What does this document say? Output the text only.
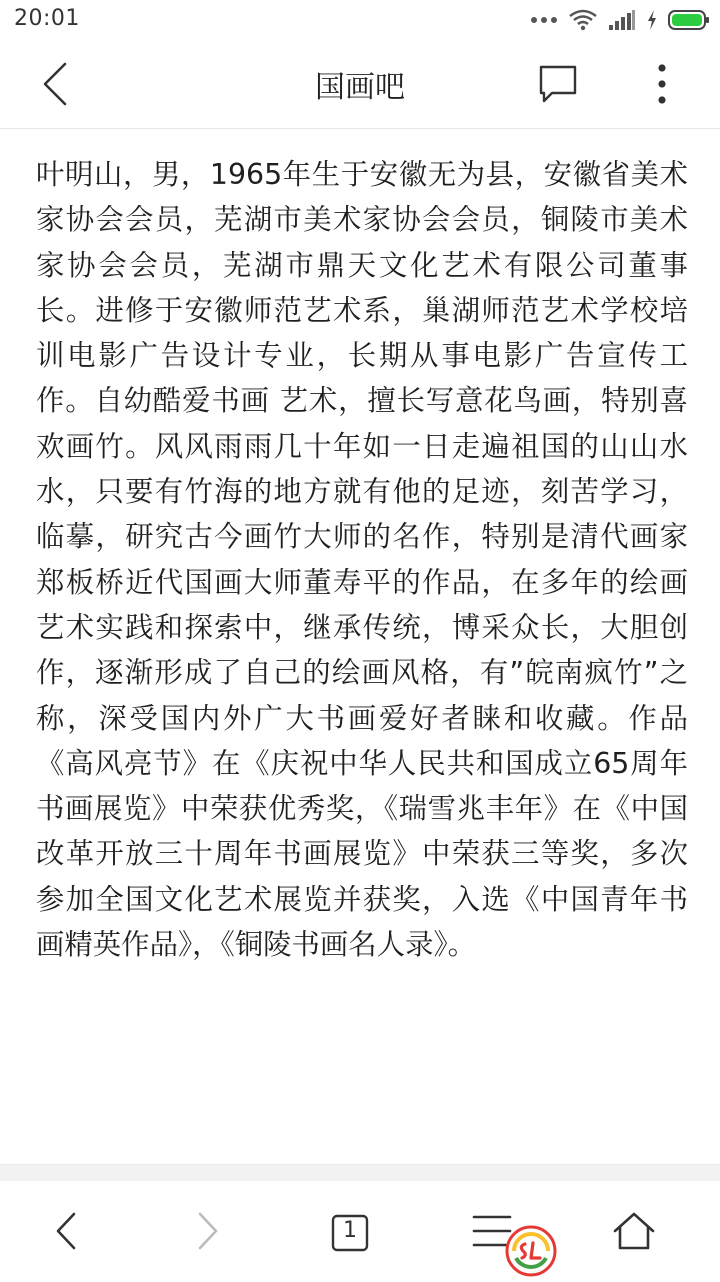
20:01
国画吧
叶明山，男，1965年生于安徽无为县，安徽省美术家协会会员，芜湖市美术家协会会员，铜陵市美术家协会会员，芜湖市鼎天文化艺术有限公司董事长。进修于安徽师范艺术系，巢湖师范艺术学校培训电影广告设计专业，长期从事电影广告宣传工作。自幼酷爱书画 艺术，擅长写意花鸟画，特别喜欢画竹。风风雨雨几十年如一日走遍祖国的山山水水，只要有竹海的地方就有他的足迹，刻苦学习，临摹，研究古今画竹大师的名作，特别是清代画家郑板桥近代国画大师董寿平的作品，在多年的绘画艺术实践和探索中，继承传统，博采众长，大胆创作，逐渐形成了自己的绘画风格，有”皖南疯竹”之称，深受国内外广大书画爱好者睐和收藏。作品《高风亮节》在《庆祝中华人民共和国成立65周年书画展览》中荣获优秀奖，《瑞雪兆丰年》在《中国改革开放三十周年书画展览》中荣获三等奖，多次参加全国文化艺术展览并获奖，入选《中国青年书画精英作品》，《铜陵书画名人录》。
1
